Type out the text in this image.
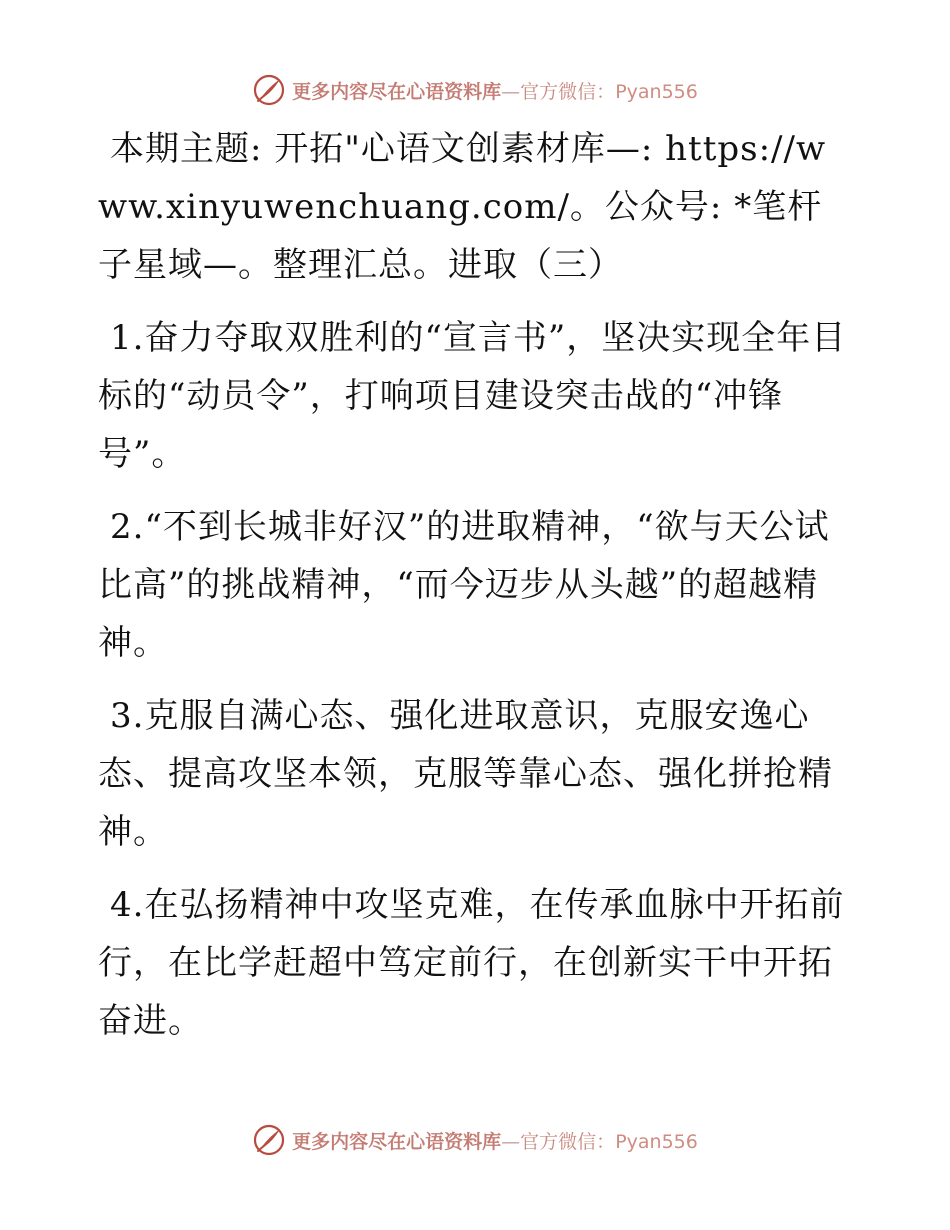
更多内容尽在心语资料库—官方微信：Pyan556

本期主题: 开拓"心语文创素材库—: https://www.xinyuwenchuang.com/。公众号: *笔杆子星域—。整理汇总。进取（三）

1.奋力夺取双胜利的“宣言书”，坚决实现全年目标的“动员令”，打响项目建设突击战的“冲锋号”。

2.“不到长城非好汉”的进取精神，“欲与天公试比高”的挑战精神，“而今迈步从头越”的超越精神。

3.克服自满心态、强化进取意识，克服安逸心态、提高攻坚本领，克服等靠心态、强化拼抢精神。

4.在弘扬精神中攻坚克难，在传承血脉中开拓前行，在比学赶超中笃定前行，在创新实干中开拓奋进。

更多内容尽在心语资料库—官方微信：Pyan556
